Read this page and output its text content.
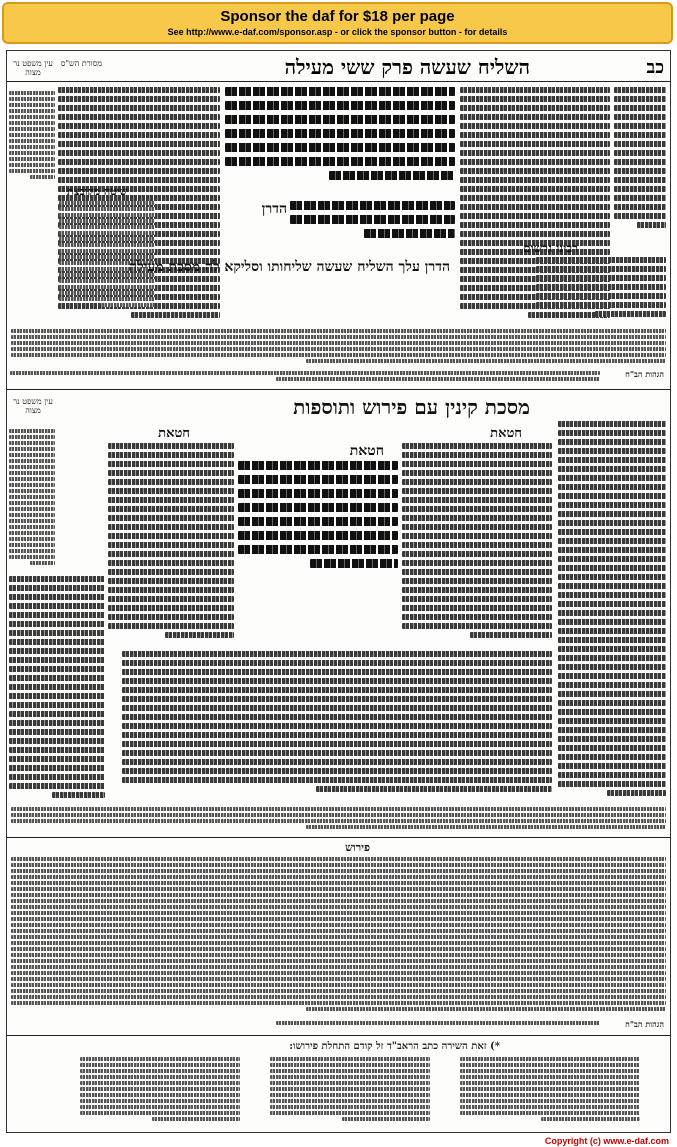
Sponsor the daf for $18 per page
See http://www.e-daf.com/sponsor.asp - or click the sponsor button - for details
כב
השליח שעשה פרק ששי מעילה
מסורת הש"ס
עין משפט נר מצוה
רבינו גרשום
שיטה מקובצת
הדרן
הדרן עלך השליח שעשה שליחותו וסליקא לה מסכת מעילה
הגהות הב"ח
מסכת קינין עם פירוש ותוספות
עין משפט נר מצוה
חטאת
חטאת
חטאת
פירוש
הגהות הב"ח
*) זאת השירה כתב הראב"ד זל קודם התחלת פירושו:
Copyright (c) www.e-daf.com
